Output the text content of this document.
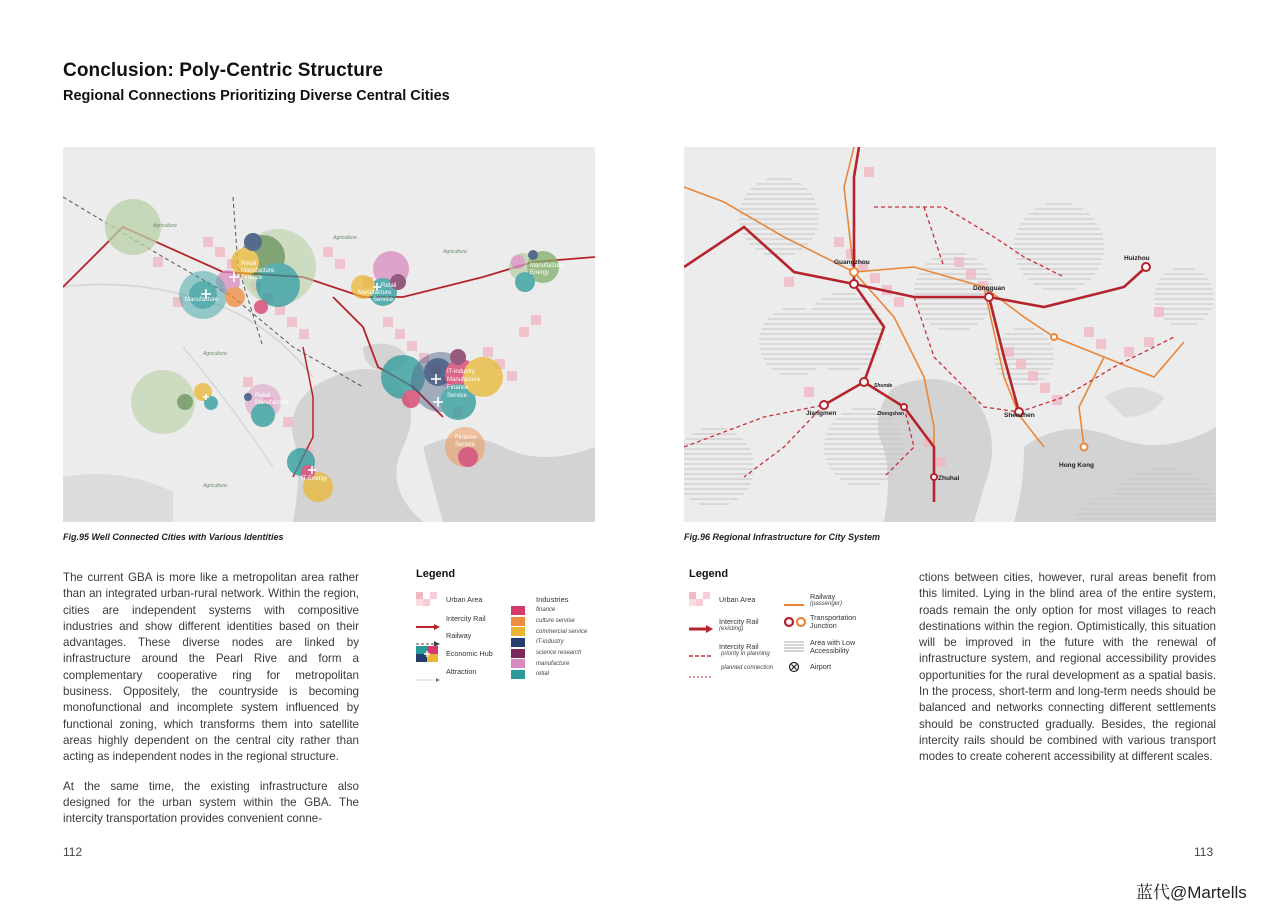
Conclusion: Poly-Centric Structure
Regional Connections Prioritizing Diverse Central Cities
Retail Manufacture Finance
Manufacture
Retail Manufacture Service
Manufacture Energy
IT-industry Manufacture Finance Service
Finance Service
Retail Manufacture
IT-Energy
Agriculture
Agriculture
Agriculture
Agriculture
Agriculture
Guangzhou
Dongguan
Huizhou
Shunde
Jiangmen	Zhongshan	Shenzhen
Hong Kong
Zhuhai
Fig.95 Well Connected Cities with Various Identities	Fig.96 Regional Infrastructure for City System

The current GBA is more like a metropolitan area rather than an integrated urban-rural network. Within the region, cities are independent systems with compositive industries and show different identities based on their advantages. These diverse nodes are linked by infrastructure around the Pearl Rive and form a complementary cooperative ring for metropolitan business. Oppositely, the countryside is becoming monofunctional and incomplete system influenced by functional zoning, which transforms them into satellite areas highly dependent on the central city rather than acting as independent nodes in the regional structure.

At the same time, the existing infrastructure also designed for the urban system within the GBA. The intercity transportation provides convenient conne-

Legend
Urban Area
Intercity Rail
Railway
Economic Hub
Attraction
Industries
finance
culture servise
commercial service
IT-industry
science research
manufacture
retial
Legend
Urban Area
Intercity Rail
(existing)
Intercity Rail
priority in planning
planned connection
Railway
(passenger)
Transportation
Junction
Area with Low
Accessibility
Airport

ctions between cities, however, rural areas benefit from this limited. Lying in the blind area of the entire system, roads remain the only option for most villages to reach destinations within the region. Optimistically, this situation will be improved in the future with the renewal of infrastructure system, and regional accessibility provides opportunities for the rural development as a spatial basis. In the process, short-term and long-term needs should be balanced and networks connecting different settlements should be constructed gradually. Besides, the regional intercity rails should be combined with various transport modes to create coherent accessibility at different scales.

112	113
蓝代@Martells
